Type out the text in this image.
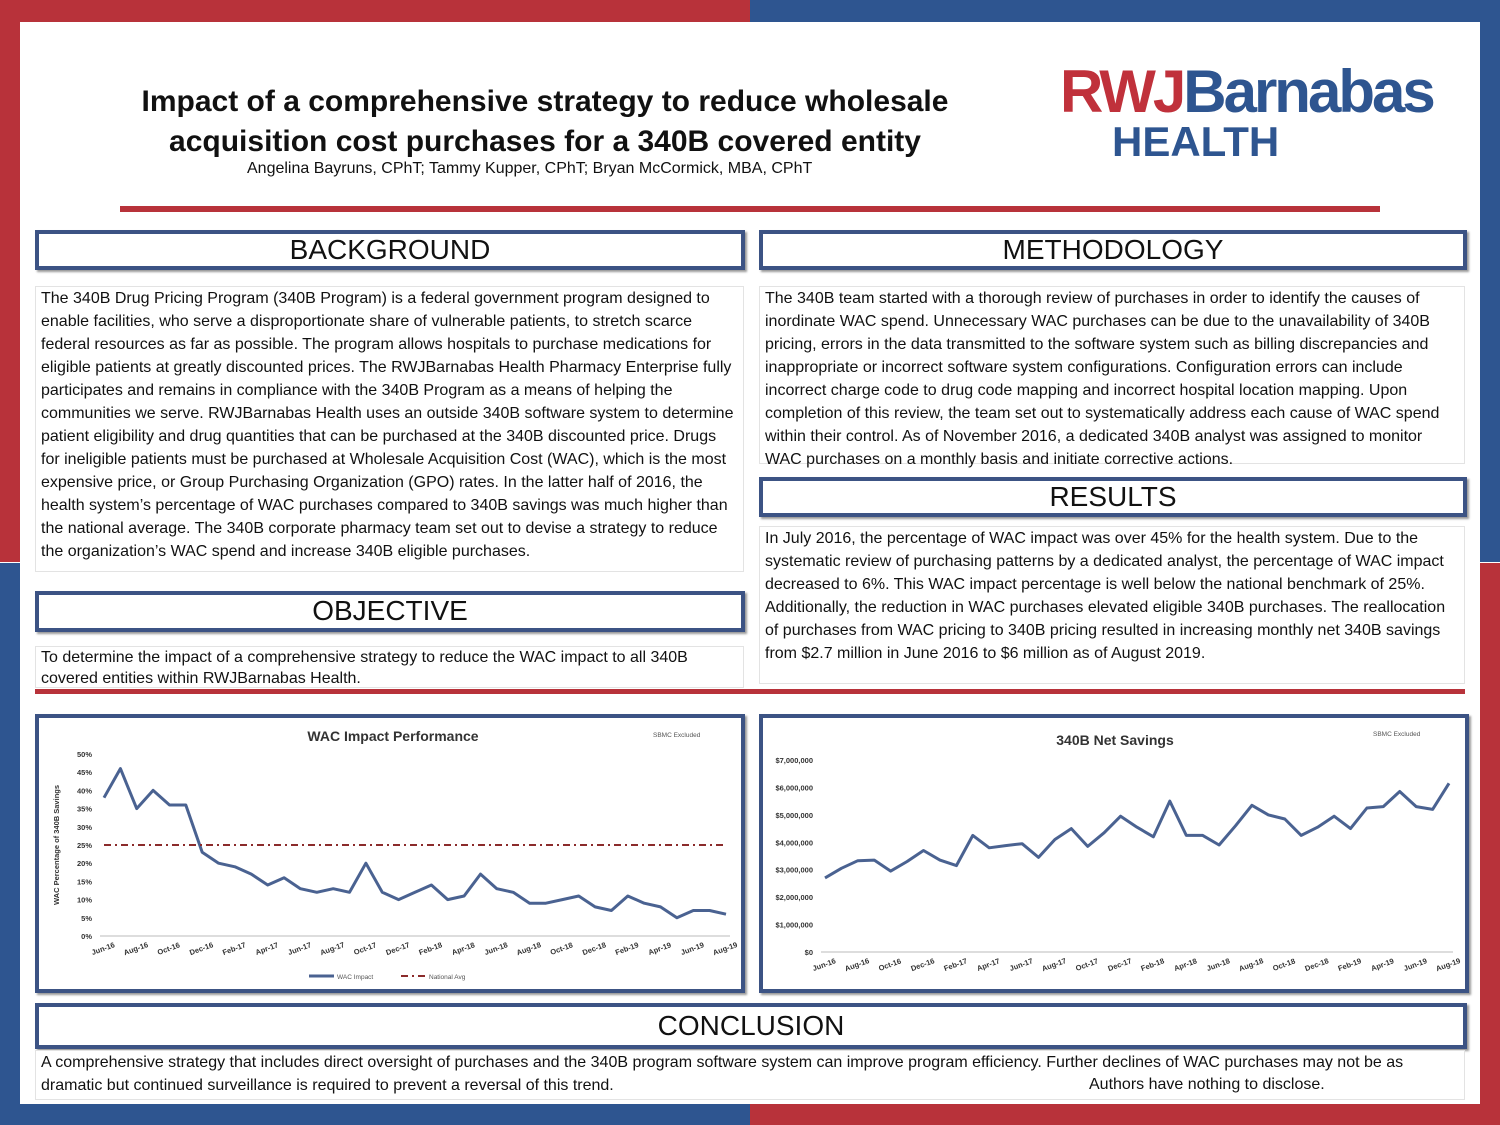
Impact of a comprehensive strategy to reduce wholesale
acquisition cost purchases for a 340B covered entity
Angelina Bayruns, CPhT; Tammy Kupper, CPhT; Bryan McCormick, MBA, CPhT
RWJBarnabas
HEALTH
BACKGROUND
The 340B Drug Pricing Program (340B Program) is a federal government program designed to enable facilities, who serve a disproportionate share of vulnerable patients, to stretch scarce federal resources as far as possible. The program allows hospitals to purchase medications for eligible patients at greatly discounted prices. The RWJBarnabas Health Pharmacy Enterprise fully participates and remains in compliance with the 340B Program as a means of helping the communities we serve. RWJBarnabas Health uses an outside 340B software system to determine patient eligibility and drug quantities that can be purchased at the 340B discounted price. Drugs for ineligible patients must be purchased at Wholesale Acquisition Cost (WAC), which is the most expensive price, or Group Purchasing Organization (GPO) rates. In the latter half of 2016, the health system’s percentage of WAC purchases compared to 340B savings was much higher than the national average. The 340B corporate pharmacy team set out to devise a strategy to reduce the organization’s WAC spend and increase 340B eligible purchases.
OBJECTIVE
To determine the impact of a comprehensive strategy to reduce the WAC impact to all 340B covered entities within RWJBarnabas Health.
METHODOLOGY
The 340B team started with a thorough review of purchases in order to identify the causes of inordinate WAC spend. Unnecessary WAC purchases can be due to the unavailability of 340B pricing, errors in the data transmitted to the software system such as billing discrepancies and inappropriate or incorrect software system configurations. Configuration errors can include incorrect charge code to drug code mapping and incorrect hospital location mapping. Upon completion of this review, the team set out to systematically address each cause of WAC spend within their control. As of November 2016, a dedicated 340B analyst was assigned to monitor WAC purchases on a monthly basis and initiate corrective actions.
RESULTS
In July 2016, the percentage of WAC impact was over 45% for the health system. Due to the systematic review of purchasing patterns by a dedicated analyst, the percentage of WAC impact decreased to 6%. This WAC impact percentage is well below the national benchmark of 25%. Additionally, the reduction in WAC purchases elevated eligible 340B purchases. The reallocation of purchases from WAC pricing to 340B pricing resulted in increasing monthly net 340B savings from $2.7 million in June 2016 to $6 million as of August 2019.
WAC Impact Performance	SBMC Excluded
0%
5%
10%
15%
20%
25%
30%
35%
40%
45%
50%
Jun-16 Aug-16 Oct-16 Dec-16 Feb-17 Apr-17 Jun-17 Aug-17 Oct-17 Dec-17 Feb-18 Apr-18 Jun-18 Aug-18 Oct-18 Dec-18 Feb-19 Apr-19 Jun-19 Aug-19
WAC Percentage of 340B Savings
WAC Impact	National Avg
340B Net Savings	SBMC Excluded
$0
$1,000,000
$2,000,000
$3,000,000
$4,000,000
$5,000,000
$6,000,000
$7,000,000
Jun-16 Aug-16 Oct-16 Dec-16 Feb-17 Apr-17 Jun-17 Aug-17 Oct-17 Dec-17 Feb-18 Apr-18 Jun-18 Aug-18 Oct-18 Dec-18 Feb-19 Apr-19 Jun-19 Aug-19
CONCLUSION
A comprehensive strategy that includes direct oversight of purchases and the 340B program software system can improve program efficiency. Further declines of WAC purchases may not be as dramatic but continued surveillance is required to prevent a reversal of this trend.	Authors have nothing to disclose.
